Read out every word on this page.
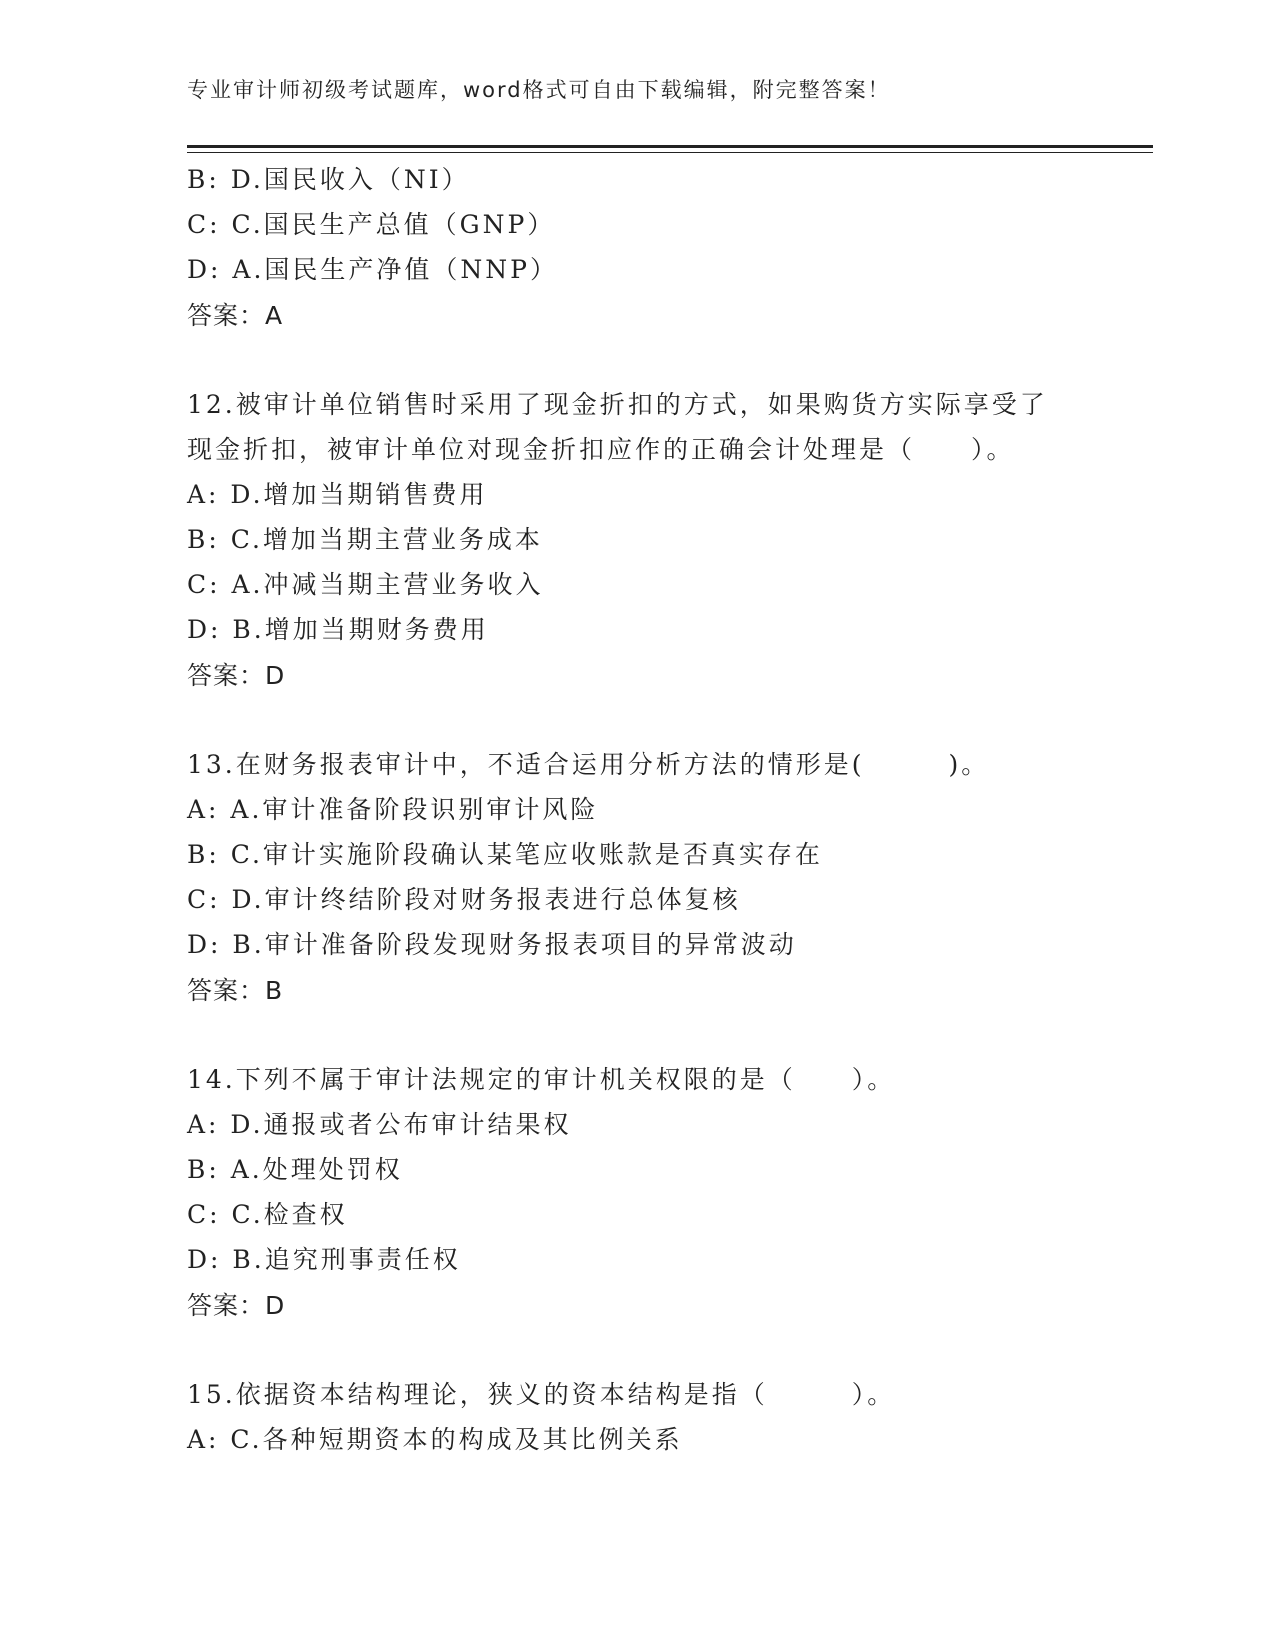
专业审计师初级考试题库，word格式可自由下载编辑，附完整答案！
B: D.国民收入（NI）
C: C.国民生产总值（GNP）
D: A.国民生产净值（NNP）
答案：A
12.被审计单位销售时采用了现金折扣的方式，如果购货方实际享受了
现金折扣，被审计单位对现金折扣应作的正确会计处理是（　　）。
A: D.增加当期销售费用
B: C.增加当期主营业务成本
C: A.冲减当期主营业务收入
D: B.增加当期财务费用
答案：D
13.在财务报表审计中，不适合运用分析方法的情形是(　　　)。
A: A.审计准备阶段识别审计风险
B: C.审计实施阶段确认某笔应收账款是否真实存在
C: D.审计终结阶段对财务报表进行总体复核
D: B.审计准备阶段发现财务报表项目的异常波动
答案：B
14.下列不属于审计法规定的审计机关权限的是（　　）。
A: D.通报或者公布审计结果权
B: A.处理处罚权
C: C.检查权
D: B.追究刑事责任权
答案：D
15.依据资本结构理论，狭义的资本结构是指（　　　）。
A: C.各种短期资本的构成及其比例关系
